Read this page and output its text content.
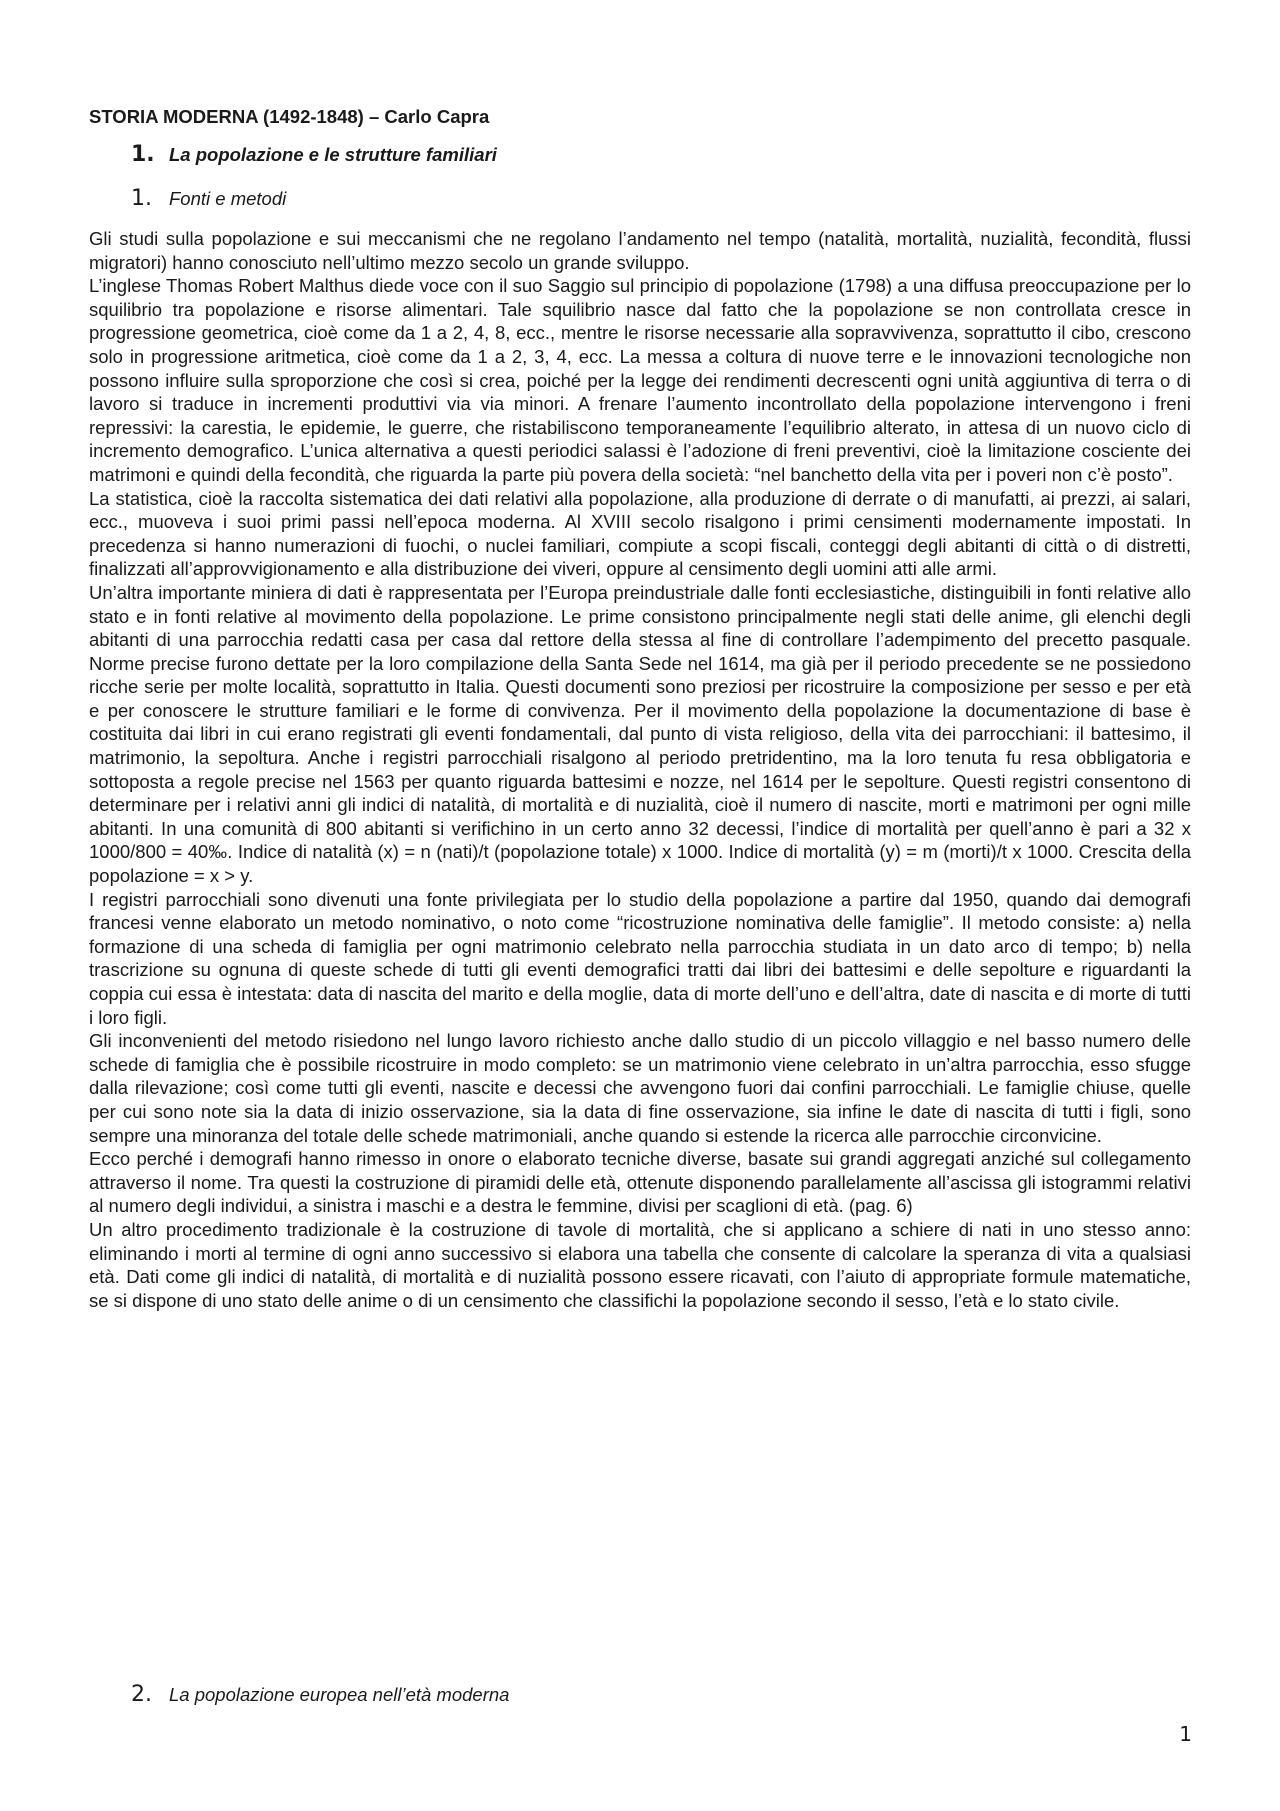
STORIA MODERNA (1492-1848) – Carlo Capra
1. La popolazione e le strutture familiari
1. Fonti e metodi

Gli studi sulla popolazione e sui meccanismi che ne regolano l’andamento nel tempo (natalità, mortalità, nuzialità, fecondità, flussi migratori) hanno conosciuto nell’ultimo mezzo secolo un grande sviluppo.

L’inglese Thomas Robert Malthus diede voce con il suo Saggio sul principio di popolazione (1798) a una diffusa preoccupazione per lo squilibrio tra popolazione e risorse alimentari. Tale squilibrio nasce dal fatto che la popolazione se non controllata cresce in progressione geometrica, cioè come da 1 a 2, 4, 8, ecc., mentre le risorse necessarie alla sopravvivenza, soprattutto il cibo, crescono solo in progressione aritmetica, cioè come da 1 a 2, 3, 4, ecc. La messa a coltura di nuove terre e le innovazioni tecnologiche non possono influire sulla sproporzione che così si crea, poiché per la legge dei rendimenti decrescenti ogni unità aggiuntiva di terra o di lavoro si traduce in incrementi produttivi via via minori. A frenare l’aumento incontrollato della popolazione intervengono i freni repressivi: la carestia, le epidemie, le guerre, che ristabiliscono temporaneamente l’equilibrio alterato, in attesa di un nuovo ciclo di incremento demografico. L’unica alternativa a questi periodici salassi è l’adozione di freni preventivi, cioè la limitazione cosciente dei matrimoni e quindi della fecondità, che riguarda la parte più povera della società: “nel banchetto della vita per i poveri non c’è posto”.

La statistica, cioè la raccolta sistematica dei dati relativi alla popolazione, alla produzione di derrate o di manufatti, ai prezzi, ai salari, ecc., muoveva i suoi primi passi nell’epoca moderna. Al XVIII secolo risalgono i primi censimenti modernamente impostati. In precedenza si hanno numerazioni di fuochi, o nuclei familiari, compiute a scopi fiscali, conteggi degli abitanti di città o di distretti, finalizzati all’approvvigionamento e alla distribuzione dei viveri, oppure al censimento degli uomini atti alle armi.

Un’altra importante miniera di dati è rappresentata per l’Europa preindustriale dalle fonti ecclesiastiche, distinguibili in fonti relative allo stato e in fonti relative al movimento della popolazione. Le prime consistono principalmente negli stati delle anime, gli elenchi degli abitanti di una parrocchia redatti casa per casa dal rettore della stessa al fine di controllare l’adempimento del precetto pasquale. Norme precise furono dettate per la loro compilazione della Santa Sede nel 1614, ma già per il periodo precedente se ne possiedono ricche serie per molte località, soprattutto in Italia. Questi documenti sono preziosi per ricostruire la composizione per sesso e per età e per conoscere le strutture familiari e le forme di convivenza. Per il movimento della popolazione la documentazione di base è costituita dai libri in cui erano registrati gli eventi fondamentali, dal punto di vista religioso, della vita dei parrocchiani: il battesimo, il matrimonio, la sepoltura. Anche i registri parrocchiali risalgono al periodo pretridentino, ma la loro tenuta fu resa obbligatoria e sottoposta a regole precise nel 1563 per quanto riguarda battesimi e nozze, nel 1614 per le sepolture. Questi registri consentono di determinare per i relativi anni gli indici di natalità, di mortalità e di nuzialità, cioè il numero di nascite, morti e matrimoni per ogni mille abitanti. In una comunità di 800 abitanti si verifichino in un certo anno 32 decessi, l’indice di mortalità per quell’anno è pari a 32 x 1000/800 = 40‰. Indice di natalità (x) = n (nati)/t (popolazione totale) x 1000. Indice di mortalità (y) = m (morti)/t x 1000. Crescita della popolazione = x > y.

I registri parrocchiali sono divenuti una fonte privilegiata per lo studio della popolazione a partire dal 1950, quando dai demografi francesi venne elaborato un metodo nominativo, o noto come “ricostruzione nominativa delle famiglie”. Il metodo consiste: a) nella formazione di una scheda di famiglia per ogni matrimonio celebrato nella parrocchia studiata in un dato arco di tempo; b) nella trascrizione su ognuna di queste schede di tutti gli eventi demografici tratti dai libri dei battesimi e delle sepolture e riguardanti la coppia cui essa è intestata: data di nascita del marito e della moglie, data di morte dell’uno e dell’altra, date di nascita e di morte di tutti i loro figli.

Gli inconvenienti del metodo risiedono nel lungo lavoro richiesto anche dallo studio di un piccolo villaggio e nel basso numero delle schede di famiglia che è possibile ricostruire in modo completo: se un matrimonio viene celebrato in un’altra parrocchia, esso sfugge dalla rilevazione; così come tutti gli eventi, nascite e decessi che avvengono fuori dai confini parrocchiali. Le famiglie chiuse, quelle per cui sono note sia la data di inizio osservazione, sia la data di fine osservazione, sia infine le date di nascita di tutti i figli, sono sempre una minoranza del totale delle schede matrimoniali, anche quando si estende la ricerca alle parrocchie circonvicine.

Ecco perché i demografi hanno rimesso in onore o elaborato tecniche diverse, basate sui grandi aggregati anziché sul collegamento attraverso il nome. Tra questi la costruzione di piramidi delle età, ottenute disponendo parallelamente all’ascissa gli istogrammi relativi al numero degli individui, a sinistra i maschi e a destra le femmine, divisi per scaglioni di età. (pag. 6)

Un altro procedimento tradizionale è la costruzione di tavole di mortalità, che si applicano a schiere di nati in uno stesso anno: eliminando i morti al termine di ogni anno successivo si elabora una tabella che consente di calcolare la speranza di vita a qualsiasi età. Dati come gli indici di natalità, di mortalità e di nuzialità possono essere ricavati, con l’aiuto di appropriate formule matematiche, se si dispone di uno stato delle anime o di un censimento che classifichi la popolazione secondo il sesso, l’età e lo stato civile.

2. La popolazione europea nell’età moderna
1
